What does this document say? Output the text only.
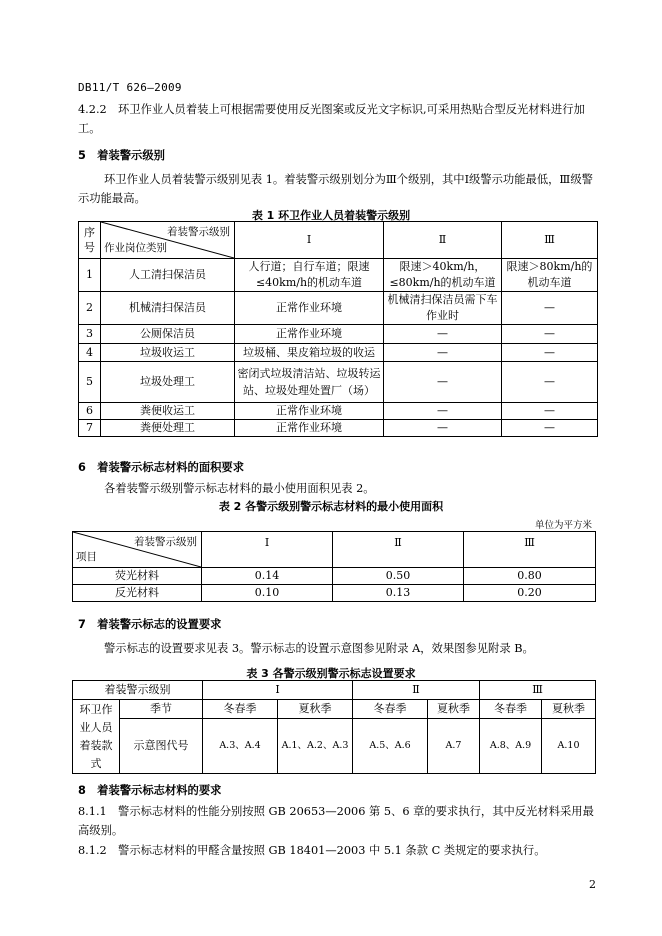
DB11/T 626—2009
4.2.2　环卫作业人员着装上可根据需要使用反光图案或反光文字标识,可采用热贴合型反光材料进行加工。
5　着装警示级别
环卫作业人员着装警示级别见表 1。着装警示级别划分为Ⅲ个级别，其中Ⅰ级警示功能最低，Ⅲ级警示功能最高。
表 1 环卫作业人员着装警示级别
序号	着装警示级别
作业岗位类别	Ⅰ	Ⅱ	Ⅲ
1	人工清扫保洁员	人行道；自行车道；限速≤40km/h的机动车道	限速＞40km/h，≤80km/h的机动车道	限速＞80km/h的机动车道
2	机械清扫保洁员	正常作业环境	机械清扫保洁员需下车作业时	—
3	公厕保洁员	正常作业环境	—	—
4	垃圾收运工	垃圾桶、果皮箱垃圾的收运	—	—
5	垃圾处理工	密闭式垃圾清洁站、垃圾转运站、垃圾处理处置厂（场）	—	—
6	粪便收运工	正常作业环境	—	—
7	粪便处理工	正常作业环境	—	—
6　着装警示标志材料的面积要求
各着装警示级别警示标志材料的最小使用面积见表 2。
表 2 各警示级别警示标志材料的最小使用面积
单位为平方米
着装警示级别
项目	Ⅰ	Ⅱ	Ⅲ
荧光材料	0.14	0.50	0.80
反光材料	0.10	0.13	0.20
7　着装警示标志的设置要求
警示标志的设置要求见表 3。警示标志的设置示意图参见附录 A，效果图参见附录 B。
表 3 各警示级别警示标志设置要求
着装警示级别		Ⅰ		Ⅱ		Ⅲ	
环卫作业人员着装款式	季节	冬春季	夏秋季	冬春季	夏秋季	冬春季	夏秋季
	示意图代号	A.3、A.4	A.1、A.2、A.3	A.5、A.6	A.7	A.8、A.9	A.10
8　着装警示标志材料的要求
8.1.1　警示标志材料的性能分别按照 GB 20653—2006 第 5、6 章的要求执行，其中反光材料采用最高级别。
8.1.2　警示标志材料的甲醛含量按照 GB 18401—2003 中 5.1 条款 C 类规定的要求执行。
2
